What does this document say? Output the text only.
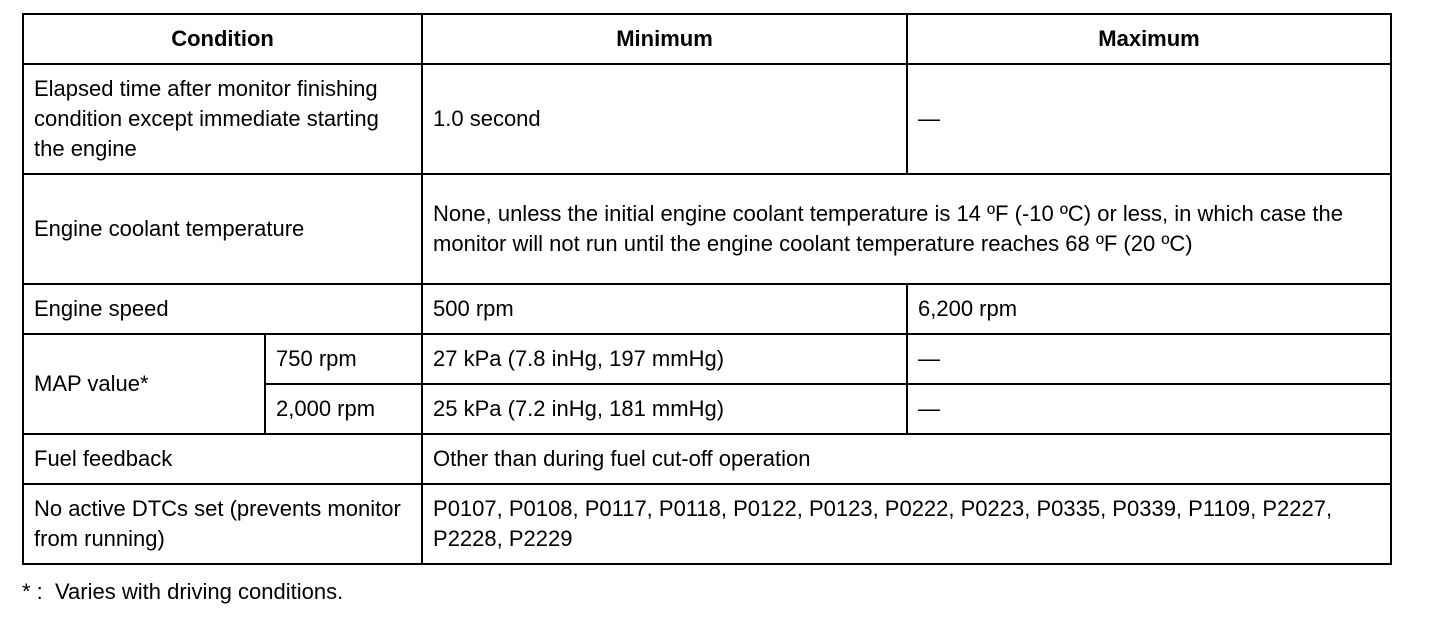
Condition		Minimum	Maximum
Elapsed time after monitor finishing condition except immediate starting the engine		1.0 second	—
Engine coolant temperature		None, unless the initial engine coolant temperature is 14 ºF (-10 ºC) or less, in which case the monitor will not run until the engine coolant temperature reaches 68 ºF (20 ºC)	
Engine speed		500 rpm	6,200 rpm
MAP value*	750 rpm	27 kPa (7.8 inHg, 197 mmHg)	—
	2,000 rpm	25 kPa (7.2 inHg, 181 mmHg)	—
Fuel feedback		Other than during fuel cut-off operation	
No active DTCs set (prevents monitor from running)		P0107, P0108, P0117, P0118, P0122, P0123, P0222, P0223, P0335, P0339, P1109, P2227, P2228, P2229	
* :  Varies with driving conditions.
